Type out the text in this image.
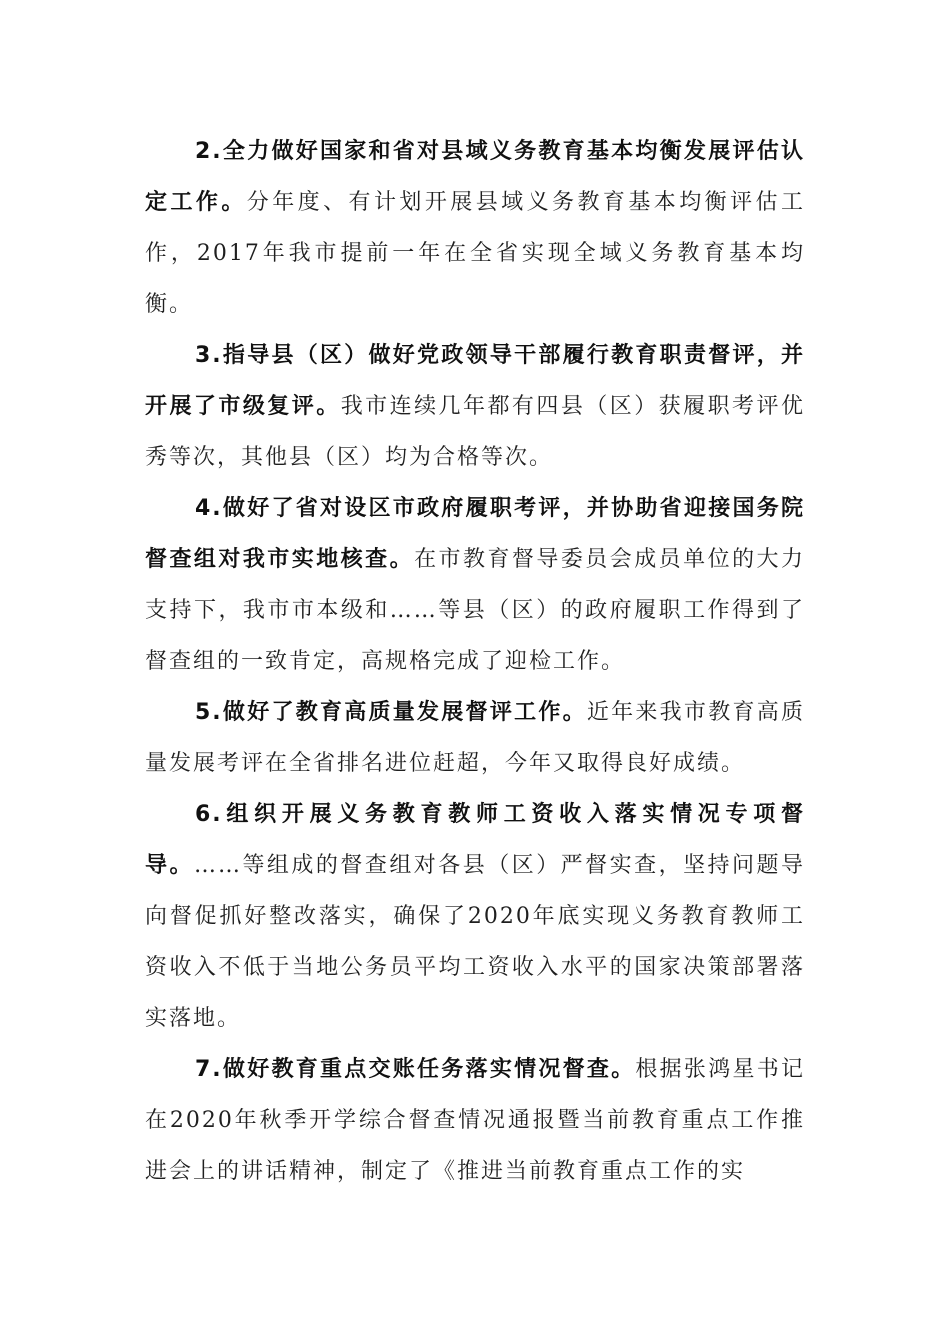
2.全力做好国家和省对县域义务教育基本均衡发展评估认定工作。分年度、有计划开展县域义务教育基本均衡评估工作，2017年我市提前一年在全省实现全域义务教育基本均衡。

3.指导县（区）做好党政领导干部履行教育职责督评，并开展了市级复评。我市连续几年都有四县（区）获履职考评优秀等次，其他县（区）均为合格等次。

4.做好了省对设区市政府履职考评，并协助省迎接国务院督查组对我市实地核查。在市教育督导委员会成员单位的大力支持下，我市市本级和……等县（区）的政府履职工作得到了督查组的一致肯定，高规格完成了迎检工作。

5.做好了教育高质量发展督评工作。近年来我市教育高质量发展考评在全省排名进位赶超，今年又取得良好成绩。

6.组织开展义务教育教师工资收入落实情况专项督导。……等组成的督查组对各县（区）严督实查，坚持问题导向督促抓好整改落实，确保了2020年底实现义务教育教师工资收入不低于当地公务员平均工资收入水平的国家决策部署落实落地。

7.做好教育重点交账任务落实情况督查。根据张鸿星书记在2020年秋季开学综合督查情况通报暨当前教育重点工作推进会上的讲话精神，制定了《推进当前教育重点工作的实
